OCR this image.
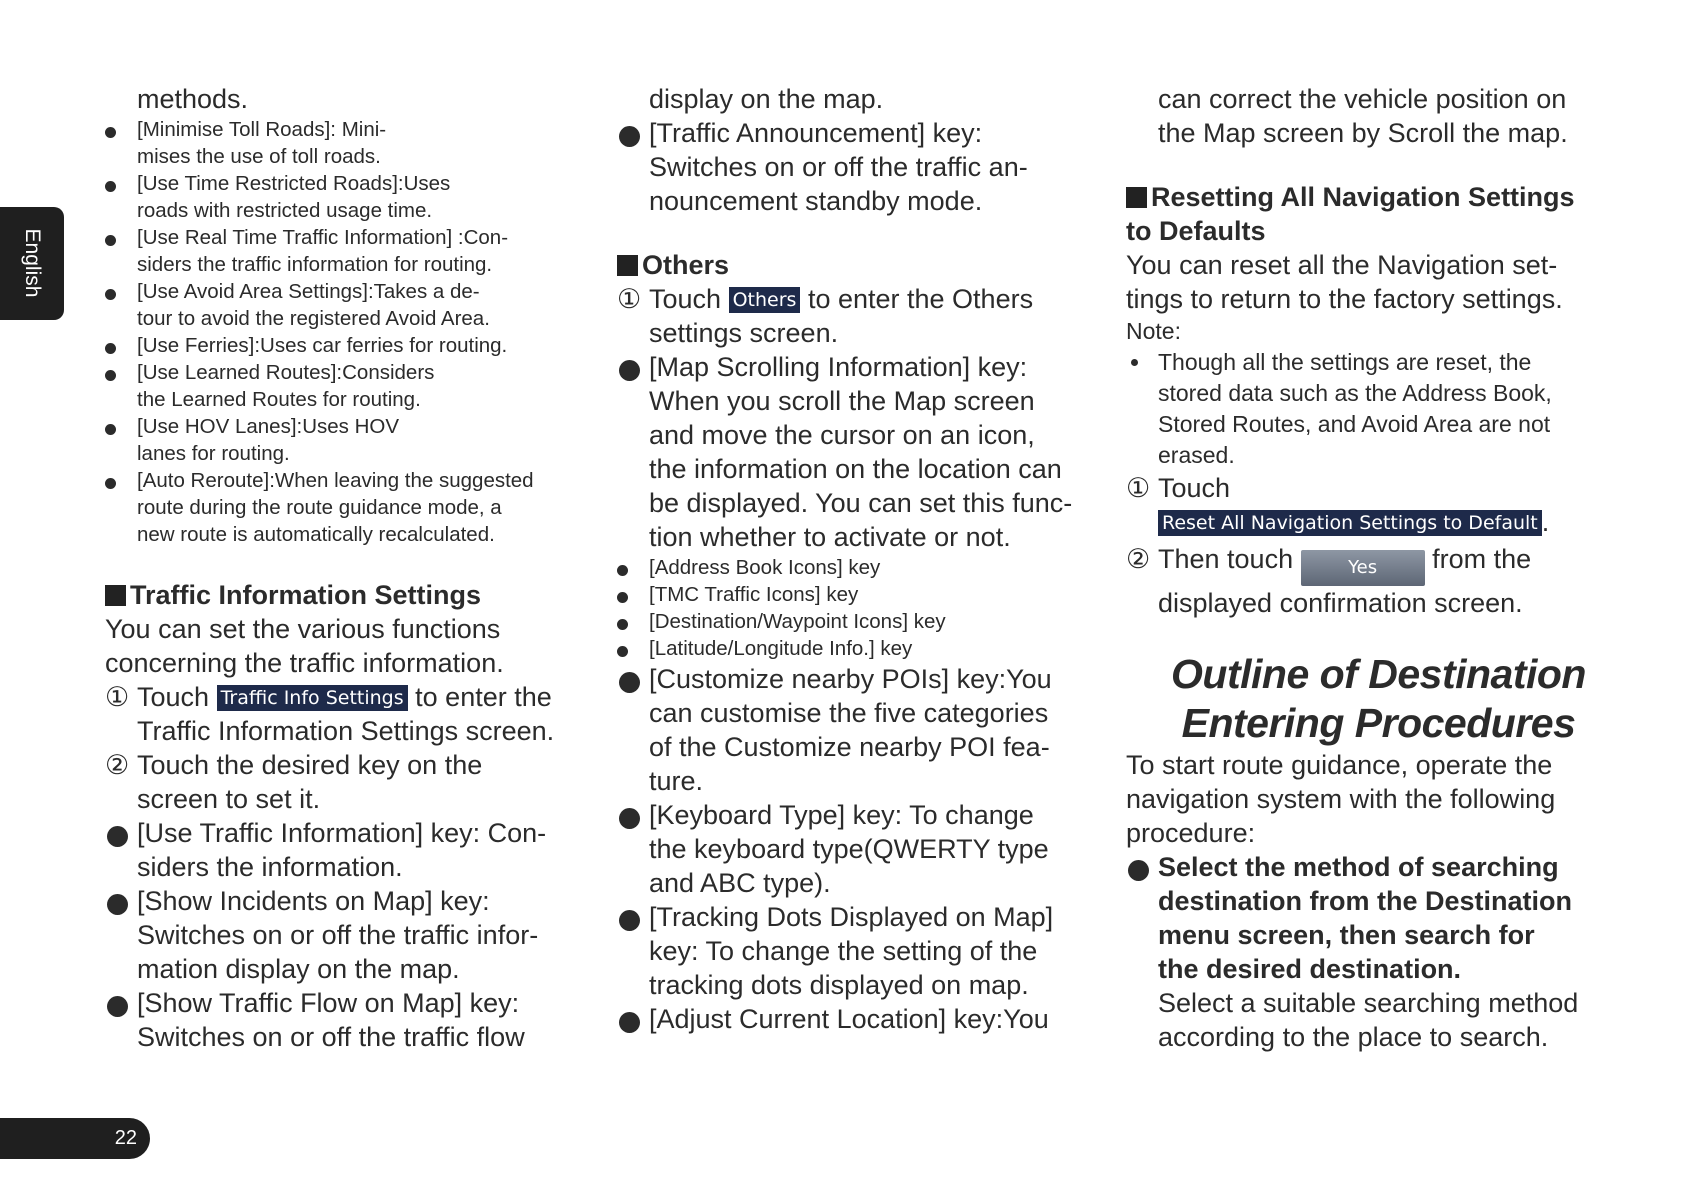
English
22
methods.
[Minimise Toll Roads]: Mini-
mises the use of toll roads.
[Use Time Restricted Roads]:Uses
roads with restricted usage time.
[Use Real Time Traffic Information] :Con-
siders the traffic information for routing.
[Use Avoid Area Settings]:Takes a de-
tour to avoid the registered Avoid Area.
[Use Ferries]:Uses car ferries for routing.
[Use Learned Routes]:Considers
the Learned Routes for routing.
[Use HOV Lanes]:Uses HOV
lanes for routing.
[Auto Reroute]:When leaving the suggested
route during the route guidance mode, a
new route is automatically recalculated.
Traffic Information Settings
You can set the various functions
concerning the traffic information.
① Touch Traffic Info Settings to enter the
Traffic Information Settings screen.
② Touch the desired key on the
screen to set it.
[Use Traffic Information] key: Con-
siders the information.
[Show Incidents on Map] key:
Switches on or off the traffic infor-
mation display on the map.
[Show Traffic Flow on Map] key:
Switches on or off the traffic flow
display on the map.
[Traffic Announcement] key:
Switches on or off the traffic an-
nouncement standby mode.
Others
① Touch Others to enter the Others
settings screen.
[Map Scrolling Information] key:
When you scroll the Map screen
and move the cursor on an icon,
the information on the location can
be displayed. You can set this func-
tion whether to activate or not.
[Address Book Icons] key
[TMC Traffic Icons] key
[Destination/Waypoint Icons] key
[Latitude/Longitude Info.] key
[Customize nearby POIs] key:You
can customise the five categories
of the Customize nearby POI fea-
ture.
[Keyboard Type] key: To change
the keyboard type(QWERTY type
and ABC type).
[Tracking Dots Displayed on Map]
key: To change the setting of the
tracking dots displayed on map.
[Adjust Current Location] key:You
can correct the vehicle position on
the Map screen by Scroll the map.
Resetting All Navigation Settings
to Defaults
You can reset all the Navigation set-
tings to return to the factory settings.
Note:
Though all the settings are reset, the
stored data such as the Address Book,
Stored Routes, and Avoid Area are not
erased.
① Touch
Reset All Navigation Settings to Default .
② Then touch	Yes from the
displayed confirmation screen.
Outline of Destination
Entering Procedures
To start route guidance, operate the
navigation system with the following
procedure:
Select the method of searching
destination from the Destination
menu screen, then search for
the desired destination.
Select a suitable searching method
according to the place to search.
